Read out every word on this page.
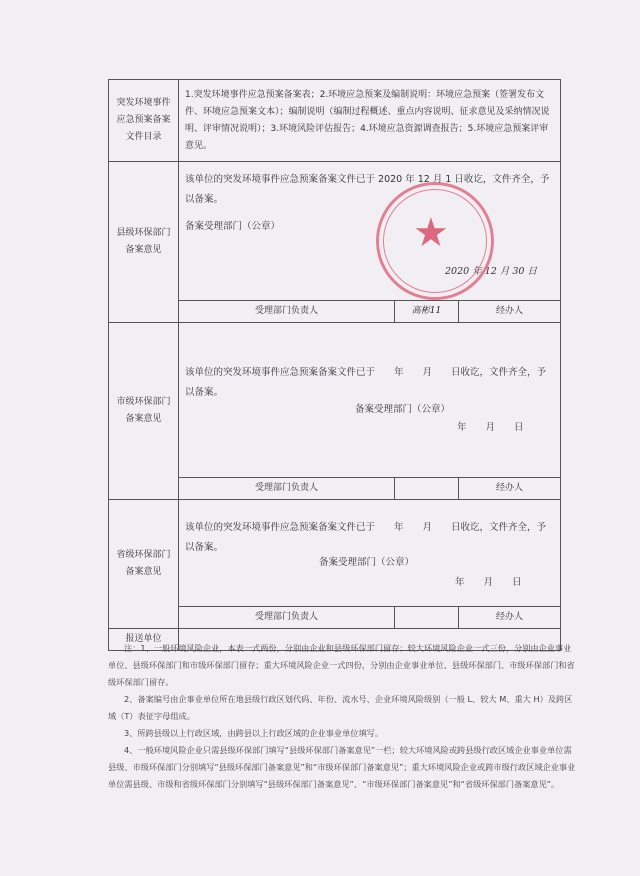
突发环境事件应急预案备案文件目录	1.突发环境事件应急预案备案表；2.环境应急预案及编制说明：环境应急预案（签署发布文件、环境应急预案文本）；编制说明（编制过程概述、重点内容说明、征求意见及采纳情况说明、评审情况说明）；3.环境风险评估报告；4.环境应急资源调查报告；5.环境应急预案评审意见。		
县级环保部门备案意见	该单位的突发环境事件应急预案备案文件已于 2020 年 12 月 1 日收讫，文件齐全，予以备案。
备案受理部门（公章）
2020 年 12 月 30 日		

	受理部门负责人	高彬11	经办人
市级环保部门备案意见	该单位的突发环境事件应急预案备案文件已于　　年　　月　　日收讫，文件齐全，予以备案。
备案受理部门（公章）
年　　月　　日		

	受理部门负责人		经办人
省级环保部门备案意见	该单位的突发环境事件应急预案备案文件已于　　年　　月　　日收讫，文件齐全，予以备案。
备案受理部门（公章）
年　　月　　日		

	受理部门负责人		经办人
报送单位			
★

注：1、一般环境风险企业，本表一式两份，分别由企业和县级环保部门留存；较大环境风险企业一式三份，分别由企业事业单位、县级环保部门和市级环保部门留存；重大环境风险企业一式四份，分别由企业事业单位、县级环保部门、市级环保部门和省级环保部门留存。

2、备案编号由企事业单位所在地县级行政区划代码、年份、流水号、企业环境风险级别（一般 L、较大 M、重大 H）及跨区域（T）表征字母组成。

3、所跨县级以上行政区域，由跨县以上行政区域的企业事业单位填写。

4、一般环境风险企业只需县级环保部门填写“县级环保部门备案意见”一栏；较大环境风险或跨县级行政区域企业事业单位需县级、市级环保部门分别填写“县级环保部门备案意见”和“市级环保部门备案意见”；重大环境风险企业或跨市级行政区域企业事业单位需县级、市级和省级环保部门分别填写“县级环保部门备案意见”、“市级环保部门备案意见”和“省级环保部门备案意见”。
